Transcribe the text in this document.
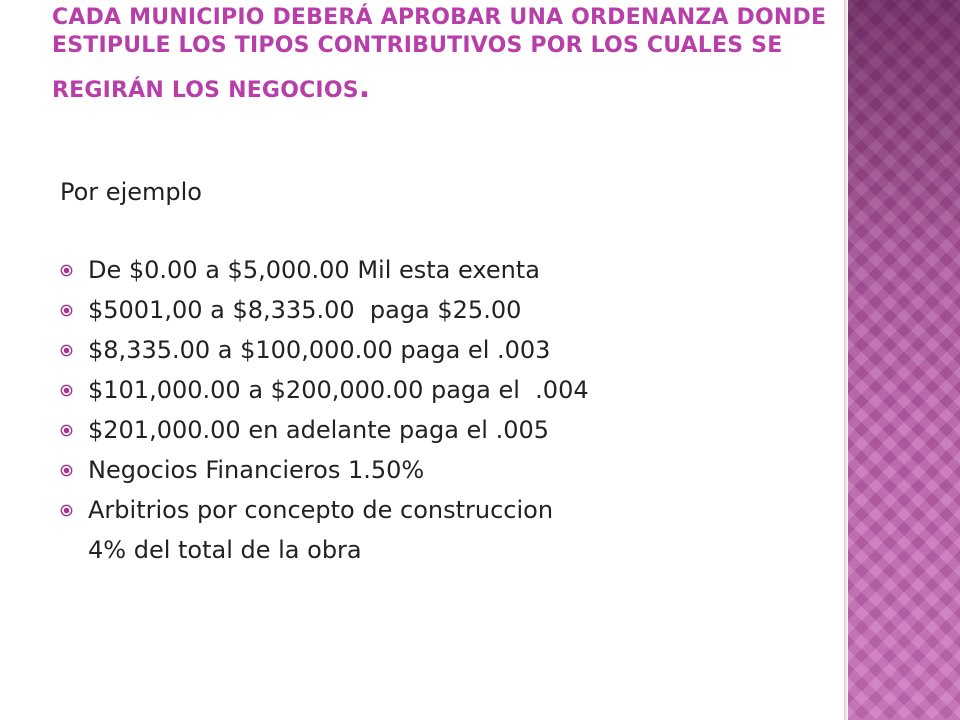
CADA MUNICIPIO DEBERÁ APROBAR UNA ORDENANZA DONDE
ESTIPULE LOS TIPOS CONTRIBUTIVOS POR LOS CUALES SE
REGIRÁN LOS NEGOCIOS.

Por ejemplo

De $0.00 a $5,000.00 Mil esta exenta
$5001,00 a $8,335.00  paga $25.00
$8,335.00 a $100,000.00 paga el .003
$101,000.00 a $200,000.00 paga el  .004
$201,000.00 en adelante paga el .005
Negocios Financieros 1.50%
Arbitrios por concepto de construccion
4% del total de la obra
